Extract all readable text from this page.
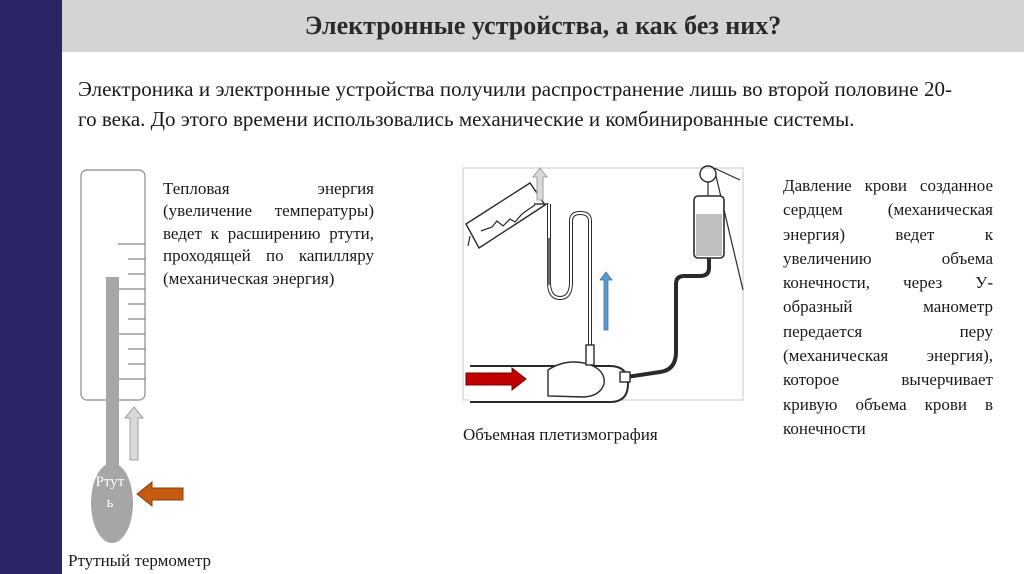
Электронные устройства, а как без них?
Электроника и электронные устройства получили распространение лишь во второй половине 20-го века. До этого времени использовались механические и комбинированные системы.
Ртуть
Тепловая энергия (увеличение температуры) ведет к расширению ртути, проходящей по капилляру (механическая энергия)
Давление крови созданное сердцем (механическая энергия) ведет к увеличению объема конечности, через У-образный манометр передается перу (механическая энергия), которое вычерчивает кривую объема крови в конечности
Объемная плетизмография
Ртутный термометр
